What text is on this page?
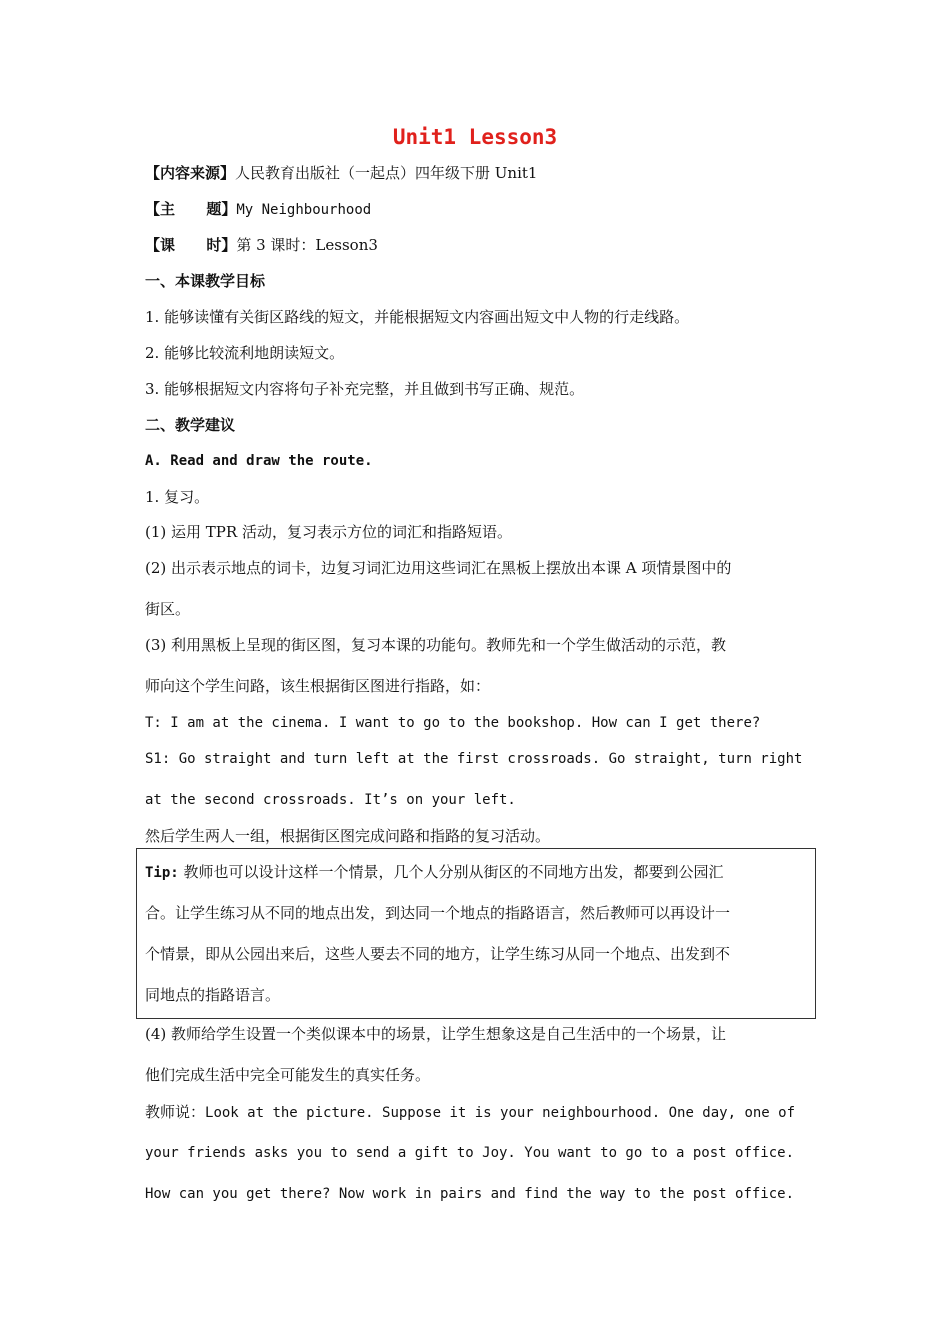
Unit1 Lesson3
【内容来源】人民教育出版社（一起点）四年级下册 Unit1
【主      题】My Neighbourhood
【课      时】第 3 课时：Lesson3
一、本课教学目标
1. 能够读懂有关街区路线的短文，并能根据短文内容画出短文中人物的行走线路。
2. 能够比较流利地朗读短文。
3. 能够根据短文内容将句子补充完整，并且做到书写正确、规范。
二、教学建议
A. Read and draw the route.
1. 复习。
(1) 运用 TPR 活动，复习表示方位的词汇和指路短语。
(2) 出示表示地点的词卡，边复习词汇边用这些词汇在黑板上摆放出本课 A 项情景图中的
街区。
(3) 利用黑板上呈现的街区图，复习本课的功能句。教师先和一个学生做活动的示范，教
师向这个学生问路，该生根据街区图进行指路，如：
T: I am at the cinema. I want to go to the bookshop. How can I get there?
S1: Go straight and turn left at the first crossroads. Go straight, turn right
at the second crossroads. It’s on your left.
然后学生两人一组，根据街区图完成问路和指路的复习活动。
Tip: 教师也可以设计这样一个情景，几个人分别从街区的不同地方出发，都要到公园汇
合。让学生练习从不同的地点出发，到达同一个地点的指路语言，然后教师可以再设计一
个情景，即从公园出来后，这些人要去不同的地方，让学生练习从同一个地点、出发到不
同地点的指路语言。
(4) 教师给学生设置一个类似课本中的场景，让学生想象这是自己生活中的一个场景，让
他们完成生活中完全可能发生的真实任务。
教师说：Look at the picture. Suppose it is your neighbourhood. One day, one of
your friends asks you to send a gift to Joy. You want to go to a post office.
How can you get there? Now work in pairs and find the way to the post office.
